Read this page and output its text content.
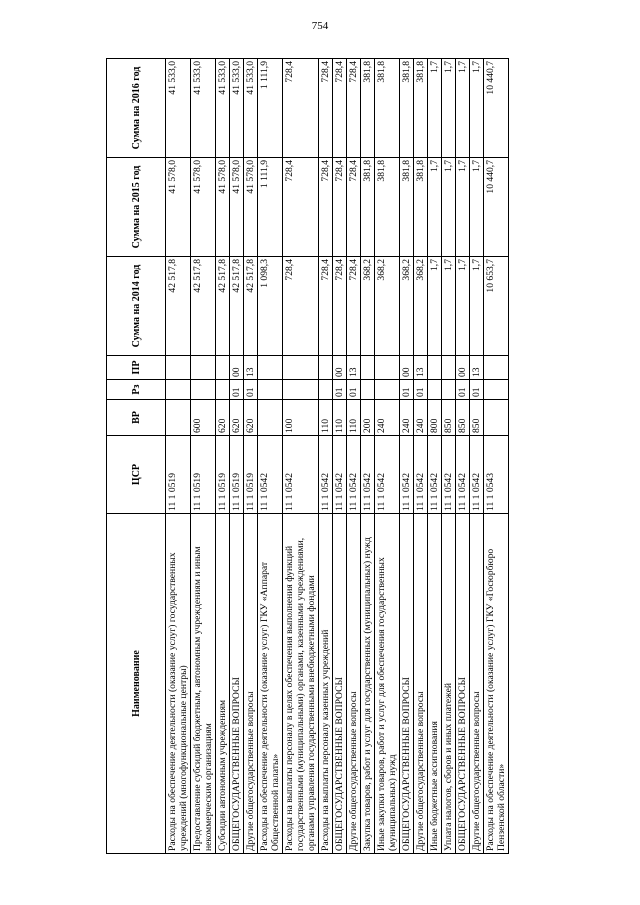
754
Наименование	ЦСР	ВР	Рз	ПР	Сумма на 2014 год	Сумма на 2015 год	Сумма на 2016 год
Расходы на обеспечение деятельности (оказание услуг) государственных учреждений (многофункциональные центры)	11 1 0519				42 517,8	41 578,0	41 533,0
Предоставление субсидий бюджетным, автономным учреждениям и иным некоммерческим организациям	11 1 0519	600			42 517,8	41 578,0	41 533,0
Субсидии автономным учреждениям	11 1 0519	620			42 517,8	41 578,0	41 533,0
ОБЩЕГОСУДАРСТВЕННЫЕ ВОПРОСЫ	11 1 0519	620	01	00	42 517,8	41 578,0	41 533,0
Другие общегосударственные вопросы	11 1 0519	620	01	13	42 517,8	41 578,0	41 533,0
Расходы на обеспечение деятельности (оказание услуг) ГКУ «Аппарат Общественной палаты»	11 1 0542				1 098,3	1 111,9	1 111,9
Расходы на выплаты персоналу в целях обеспечения выполнения функций государственными (муниципальными) органами, казенными учреждениями, органами управления государственными внебюджетными фондами	11 1 0542	100			728,4	728,4	728,4
Расходы на выплаты персоналу казенных учреждений	11 1 0542	110			728,4	728,4	728,4
ОБЩЕГОСУДАРСТВЕННЫЕ ВОПРОСЫ	11 1 0542	110	01	00	728,4	728,4	728,4
Другие общегосударственные вопросы	11 1 0542	110	01	13	728,4	728,4	728,4
Закупка товаров, работ и услуг для государственных (муниципальных) нужд	11 1 0542	200			368,2	381,8	381,8
Иные закупки товаров, работ и услуг для обеспечения государственных (муниципальных) нужд	11 1 0542	240			368,2	381,8	381,8
ОБЩЕГОСУДАРСТВЕННЫЕ ВОПРОСЫ	11 1 0542	240	01	00	368,2	381,8	381,8
Другие общегосударственные вопросы	11 1 0542	240	01	13	368,2	381,8	381,8
Иные бюджетные ассигнования	11 1 0542	800			1,7	1,7	1,7
Уплата налогов, сборов и иных платежей	11 1 0542	850			1,7	1,7	1,7
ОБЩЕГОСУДАРСТВЕННЫЕ ВОПРОСЫ	11 1 0542	850	01	00	1,7	1,7	1,7
Другие общегосударственные вопросы	11 1 0542	850	01	13	1,7	1,7	1,7
Расходы на обеспечение деятельности (оказание услуг) ГКУ «Госюрбюро Пензенской области»	11 1 0543				10 653,7	10 440,7	10 440,7
